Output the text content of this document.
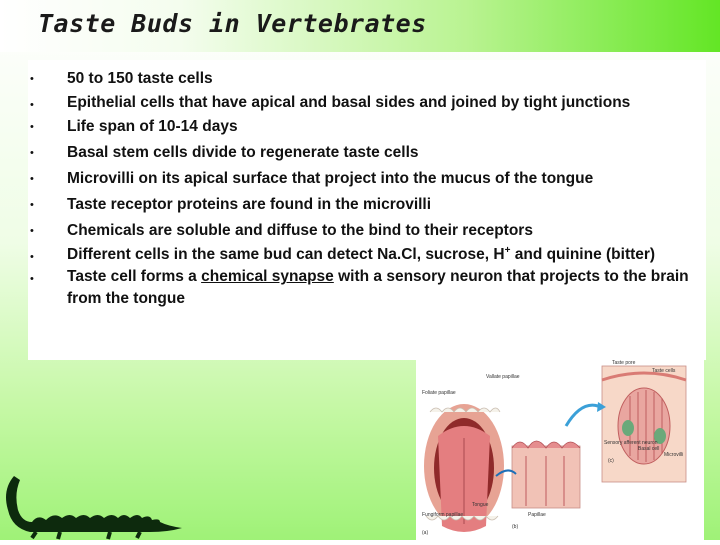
Taste Buds in Vertebrates
• 50 to 150 taste cells
• Epithelial cells that have apical and basal sides and joined by tight junctions
• Life span of 10-14 days
• Basal stem cells divide to regenerate taste cells
• Microvilli on its apical surface that project into the mucus of the tongue
• Taste receptor proteins are found in the microvilli
• Chemicals are soluble and diffuse to the bind to their receptors
• Different cells in the same bud can detect Na.Cl, sucrose, H+ and quinine (bitter)
• Taste cell forms a chemical synapse with a sensory neuron that projects to the brain from the tongue
Taste pore
Taste cells
Vallate papillae
Foliate papillae
Fungiform papillae
Sensory afferent neuron
Basal cell
Microvilli
Tongue
Papillae
(a)
(b)
(c)
